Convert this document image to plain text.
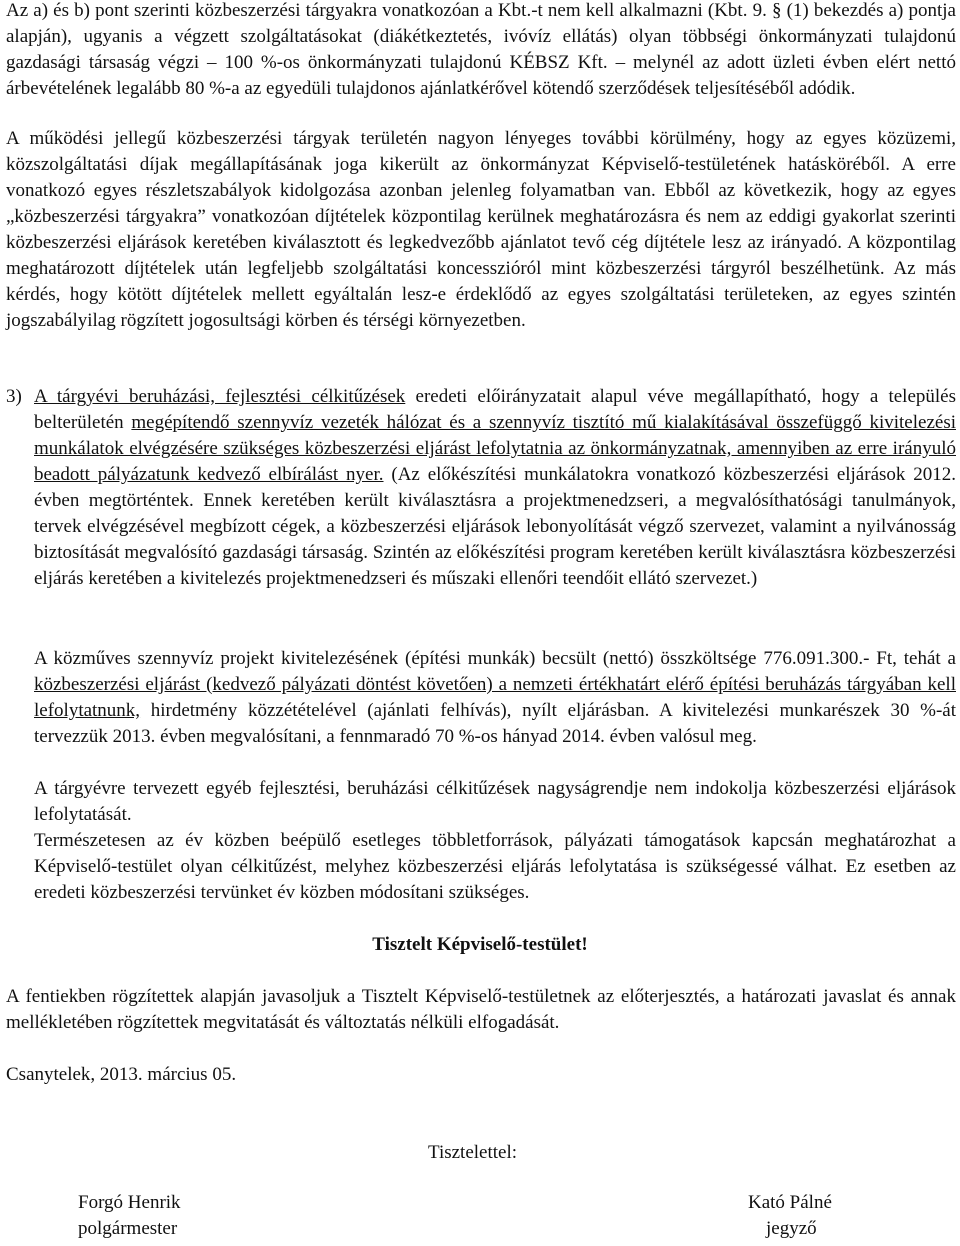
Az a) és b) pont szerinti közbeszerzési tárgyakra vonatkozóan a Kbt.-t nem kell alkalmazni (Kbt. 9. § (1) bekezdés a) pontja alapján), ugyanis a végzett szolgáltatásokat (diákétkeztetés, ivóvíz ellátás) olyan többségi önkormányzati tulajdonú gazdasági társaság végzi – 100 %-os önkormányzati tulajdonú KÉBSZ Kft. – melynél az adott üzleti évben elért nettó árbevételének legalább 80 %-a az egyedüli tulajdonos ajánlatkérővel kötendő szerződések teljesítéséből adódik.

A működési jellegű közbeszerzési tárgyak területén nagyon lényeges további körülmény, hogy az egyes közüzemi, közszolgáltatási díjak megállapításának joga kikerült az önkormányzat Képviselő-testületének hatásköréből. A erre vonatkozó egyes részletszabályok kidolgozása azonban jelenleg folyamatban van. Ebből az következik, hogy az egyes „közbeszerzési tárgyakra” vonatkozóan díjtételek központilag kerülnek meghatározásra és nem az eddigi gyakorlat szerinti közbeszerzési eljárások keretében kiválasztott és legkedvezőbb ajánlatot tevő cég díjtétele lesz az irányadó. A központilag meghatározott díjtételek után legfeljebb szolgáltatási koncesszióról mint közbeszerzési tárgyról beszélhetünk. Az más kérdés, hogy kötött díjtételek mellett egyáltalán lesz-e érdeklődő az egyes szolgáltatási területeken, az egyes szintén jogszabályilag rögzített jogosultsági körben és térségi környezetben.

3) A tárgyévi beruházási, fejlesztési célkitűzések eredeti előirányzatait alapul véve megállapítható, hogy a település belterületén megépítendő szennyvíz vezeték hálózat és a szennyvíz tisztító mű kialakításával összefüggő kivitelezési munkálatok elvégzésére szükséges közbeszerzési eljárást lefolytatnia az önkormányzatnak, amennyiben az erre irányuló beadott pályázatunk kedvező elbírálást nyer. (Az előkészítési munkálatokra vonatkozó közbeszerzési eljárások 2012. évben megtörténtek. Ennek keretében került kiválasztásra a projektmenedzseri, a megvalósíthatósági tanulmányok, tervek elvégzésével megbízott cégek, a közbeszerzési eljárások lebonyolítását végző szervezet, valamint a nyilvánosság biztosítását megvalósító gazdasági társaság. Szintén az előkészítési program keretében került kiválasztásra közbeszerzési eljárás keretében a kivitelezés projektmenedzseri és műszaki ellenőri teendőit ellátó szervezet.)

A közműves szennyvíz projekt kivitelezésének (építési munkák) becsült (nettó) összköltsége 776.091.300.- Ft, tehát a közbeszerzési eljárást (kedvező pályázati döntést követően) a nemzeti értékhatárt elérő építési beruházás tárgyában kell lefolytatnunk, hirdetmény közzétételével (ajánlati felhívás), nyílt eljárásban. A kivitelezési munkarészek 30 %-át tervezzük 2013. évben megvalósítani, a fennmaradó 70 %-os hányad 2014. évben valósul meg.

A tárgyévre tervezett egyéb fejlesztési, beruházási célkitűzések nagyságrendje nem indokolja közbeszerzési eljárások lefolytatását.

Természetesen az év közben beépülő esetleges többletforrások, pályázati támogatások kapcsán meghatározhat a Képviselő-testület olyan célkitűzést, melyhez közbeszerzési eljárás lefolytatása is szükségessé válhat. Ez esetben az eredeti közbeszerzési tervünket év közben módosítani szükséges.

Tisztelt Képviselő-testület!

A fentiekben rögzítettek alapján javasoljuk a Tisztelt Képviselő-testületnek az előterjesztés, a határozati javaslat és annak mellékletében rögzítettek megvitatását és változtatás nélküli elfogadását.

Csanytelek, 2013. március 05.
Tisztelettel:
Forgó Henrik
polgármester
Kató Pálné
jegyző
